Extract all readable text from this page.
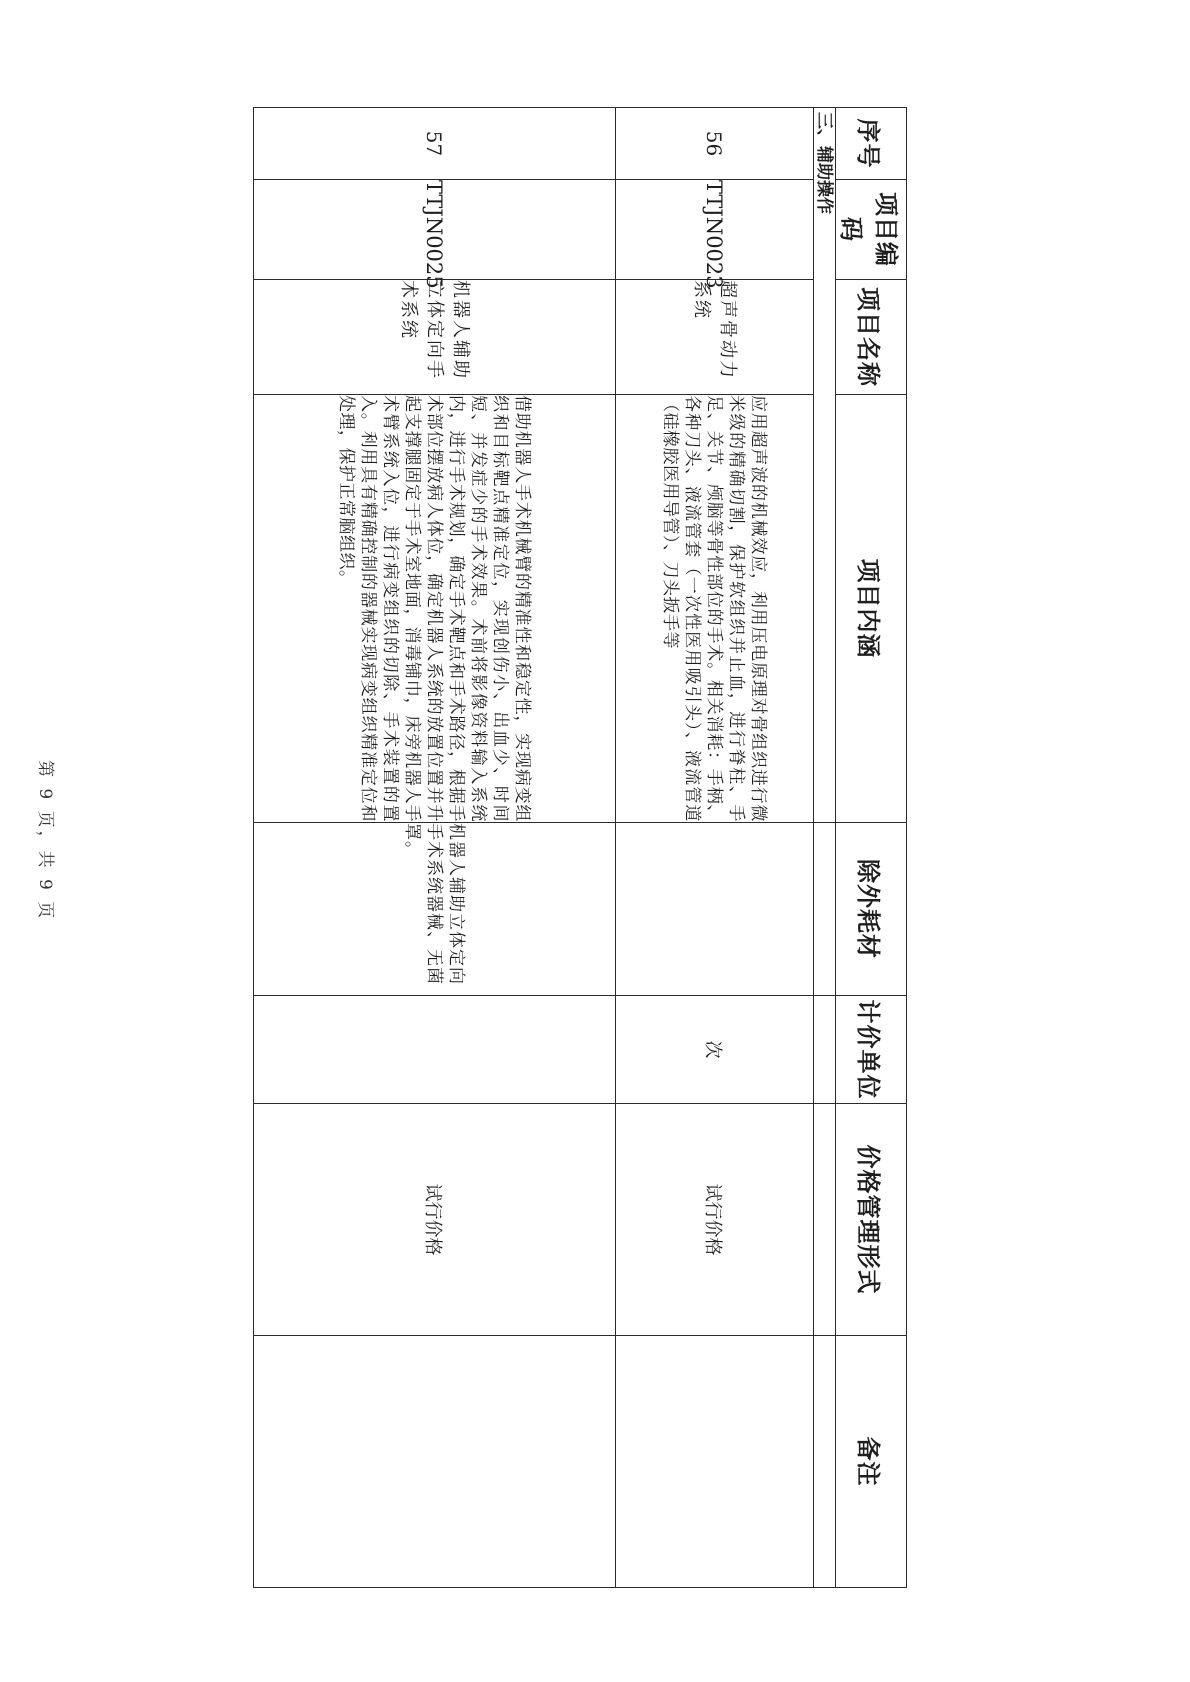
序号	项目编码	项目名称	项目内涵	除外耗材	计价单位	价格管理形式	备注
三、辅助操作							
56	TTJN0023	超声骨动力系统	应用超声波的机械效应，利用压电原理对骨组织进行微米级的精确切割，保护软组织并止血，进行脊柱、手足、关节、颅脑等骨性部位的手术。相关消耗：手柄、各种刀头、液流管套（一次性医用吸引头）、液流管道（硅橡胶医用导管）、刀头扳手等		次	试行价格	
57	TTJN0025	机器人辅助立体定向手术系统	借助机器人手术机械臂的精准性和稳定性，实现病变组织和目标靶点精准定位，实现创伤小、出血少、时间短、并发症少的手术效果。术前将影像资料输入系统内，进行手术规划，确定手术靶点和手术路径，根据手术部位摆放病人体位，确定机器人系统的放置位置并升起支撑腿固定于手术室地面，消毒铺巾，床旁机器人手术臂系统入位，进行病变组织的切除、手术装置的置入。利用具有精确控制的器械实现病变组织精准定位和处理，保护正常脑组织。	机器人辅助立体定向手术系统器械、无菌罩。		试行价格	
第 9 页，共 9 页
